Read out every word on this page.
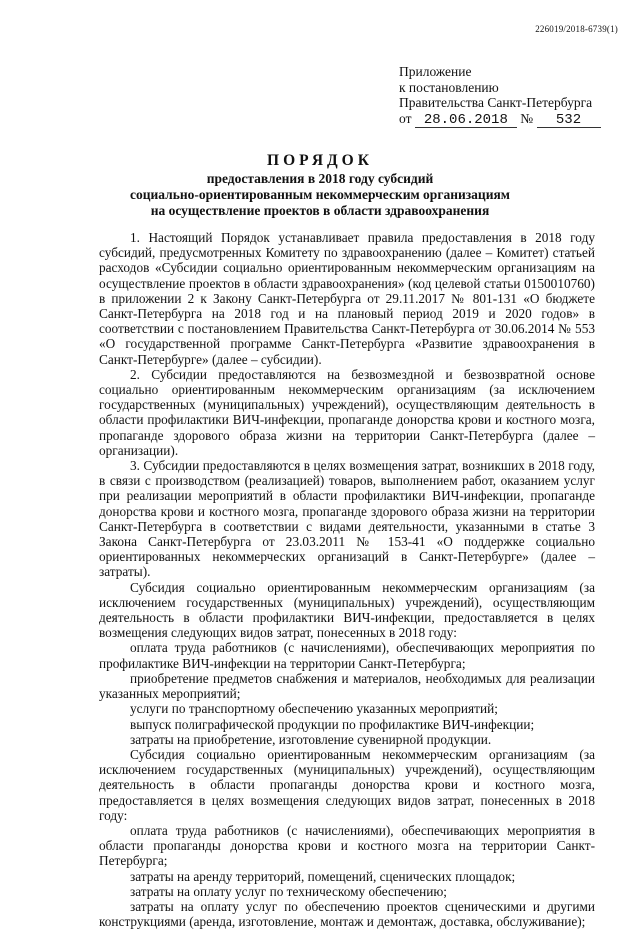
226019/2018-6739(1)
Приложение
к постановлению
Правительства Санкт-Петербурга
от 28.06.2018 № 532
ПОРЯДОК
предоставления в 2018 году субсидий
социально-ориентированным некоммерческим организациям
на осуществление проектов в области здравоохранения

1. Настоящий Порядок устанавливает правила предоставления в 2018 году субсидий, предусмотренных Комитету по здравоохранению (далее – Комитет) статьей расходов «Субсидии социально ориентированным некоммерческим организациям на осуществление проектов в области здравоохранения» (код целевой статьи 0150010760) в приложении 2 к Закону Санкт-Петербурга от 29.11.2017 № 801-131 «О бюджете Санкт-Петербурга на 2018 год и на плановый период 2019 и 2020 годов» в соответствии с постановлением Правительства Санкт-Петербурга от 30.06.2014 № 553 «О государственной программе Санкт-Петербурга «Развитие здравоохранения в Санкт-Петербурге» (далее – субсидии).

2. Субсидии предоставляются на безвозмездной и безвозвратной основе социально ориентированным некоммерческим организациям (за исключением государственных (муниципальных) учреждений), осуществляющим деятельность в области профилактики ВИЧ-инфекции, пропаганде донорства крови и костного мозга, пропаганде здорового образа жизни на территории Санкт-Петербурга (далее – организации).

3. Субсидии предоставляются в целях возмещения затрат, возникших в 2018 году, в связи с производством (реализацией) товаров, выполнением работ, оказанием услуг при реализации мероприятий в области профилактики ВИЧ-инфекции, пропаганде донорства крови и костного мозга, пропаганде здорового образа жизни на территории Санкт-Петербурга в соответствии с видами деятельности, указанными в статье 3 Закона Санкт-Петербурга от 23.03.2011 № 153-41 «О поддержке социально ориентированных некоммерческих организаций в Санкт-Петербурге» (далее – затраты).

Субсидия социально ориентированным некоммерческим организациям (за исключением государственных (муниципальных) учреждений), осуществляющим деятельность в области профилактики ВИЧ-инфекции, предоставляется в целях возмещения следующих видов затрат, понесенных в 2018 году:

оплата труда работников (с начислениями), обеспечивающих мероприятия по профилактике ВИЧ-инфекции на территории Санкт-Петербурга;

приобретение предметов снабжения и материалов, необходимых для реализации указанных мероприятий;

услуги по транспортному обеспечению указанных мероприятий;

выпуск полиграфической продукции по профилактике ВИЧ-инфекции;

затраты на приобретение, изготовление сувенирной продукции.

Субсидия социально ориентированным некоммерческим организациям (за исключением государственных (муниципальных) учреждений), осуществляющим деятельность в области пропаганды донорства крови и костного мозга, предоставляется в целях возмещения следующих видов затрат, понесенных в 2018 году:

оплата труда работников (с начислениями), обеспечивающих мероприятия в области пропаганды донорства крови и костного мозга на территории Санкт-Петербурга;

затраты на аренду территорий, помещений, сценических площадок;

затраты на оплату услуг по техническому обеспечению;

затраты на оплату услуг по обеспечению проектов сценическими и другими конструкциями (аренда, изготовление, монтаж и демонтаж, доставка, обслуживание);
